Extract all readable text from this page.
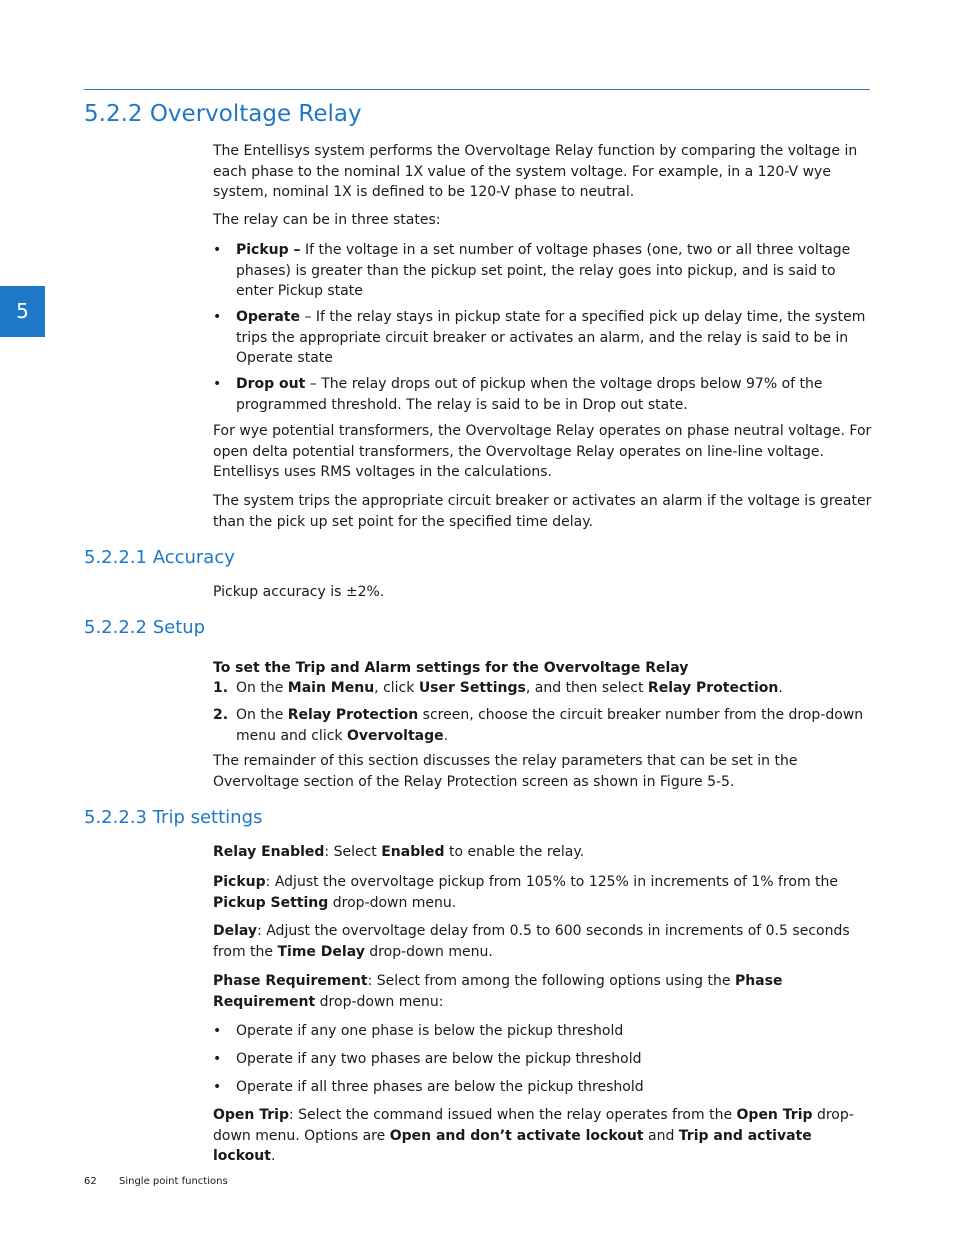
5.2.2 Overvoltage Relay
5

The Entellisys system performs the Overvoltage Relay function by comparing the voltage in each phase to the nominal 1X value of the system voltage. For example, in a 120-V wye system, nominal 1X is defined to be 120-V phase to neutral.

The relay can be in three states:

• Pickup – If the voltage in a set number of voltage phases (one, two or all three voltage phases) is greater than the pickup set point, the relay goes into pickup, and is said to enter Pickup state
• Operate – If the relay stays in pickup state for a specified pick up delay time, the system trips the appropriate circuit breaker or activates an alarm, and the relay is said to be in Operate state
• Drop out – The relay drops out of pickup when the voltage drops below 97% of the programmed threshold. The relay is said to be in Drop out state.

For wye potential transformers, the Overvoltage Relay operates on phase neutral voltage. For open delta potential transformers, the Overvoltage Relay operates on line-line voltage. Entellisys uses RMS voltages in the calculations.

The system trips the appropriate circuit breaker or activates an alarm if the voltage is greater than the pick up set point for the specified time delay.

5.2.2.1 Accuracy

Pickup accuracy is ±2%.

5.2.2.2 Setup

To set the Trip and Alarm settings for the Overvoltage Relay

1. On the Main Menu, click User Settings, and then select Relay Protection.
2. On the Relay Protection screen, choose the circuit breaker number from the drop-down menu and click Overvoltage.

The remainder of this section discusses the relay parameters that can be set in the Overvoltage section of the Relay Protection screen as shown in Figure 5-5.

5.2.2.3 Trip settings

Relay Enabled: Select Enabled to enable the relay.

Pickup: Adjust the overvoltage pickup from 105% to 125% in increments of 1% from the Pickup Setting drop-down menu.

Delay: Adjust the overvoltage delay from 0.5 to 600 seconds in increments of 0.5 seconds from the Time Delay drop-down menu.

Phase Requirement: Select from among the following options using the Phase Requirement drop-down menu:

• Operate if any one phase is below the pickup threshold
• Operate if any two phases are below the pickup threshold
• Operate if all three phases are below the pickup threshold

Open Trip: Select the command issued when the relay operates from the Open Trip drop-down menu. Options are Open and don’t activate lockout and Trip and activate lockout.

62 Single point functions
